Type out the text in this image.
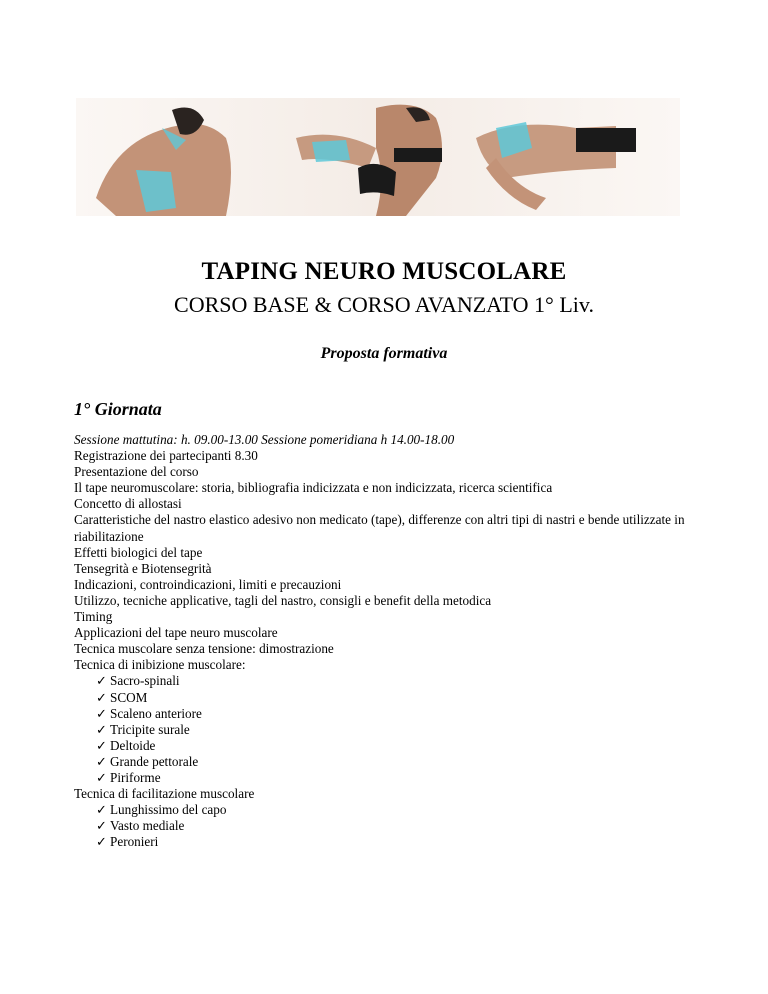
TAPING NEURO MUSCOLARE
CORSO BASE & CORSO AVANZATO 1° Liv.
Proposta formativa
1° Giornata
Sessione mattutina: h. 09.00-13.00 Sessione pomeridiana h 14.00-18.00
Registrazione dei partecipanti 8.30
Presentazione del corso
Il tape neuromuscolare: storia, bibliografia indicizzata e non indicizzata, ricerca scientifica
Concetto di allostasi
Caratteristiche del nastro elastico adesivo non medicato (tape), differenze con altri tipi di nastri e bende utilizzate in riabilitazione
Effetti biologici del tape
Tensegrità e Biotensegrità
Indicazioni, controindicazioni, limiti e precauzioni
Utilizzo, tecniche applicative, tagli del nastro, consigli e benefit della metodica
Timing
Applicazioni del tape neuro muscolare
Tecnica muscolare senza tensione: dimostrazione
Tecnica di inibizione muscolare:
✓ Sacro-spinali
✓ SCOM
✓ Scaleno anteriore
✓ Tricipite surale
✓ Deltoide
✓ Grande pettorale
✓ Piriforme
Tecnica di facilitazione muscolare
✓ Lunghissimo del capo
✓ Vasto mediale
✓ Peronieri
